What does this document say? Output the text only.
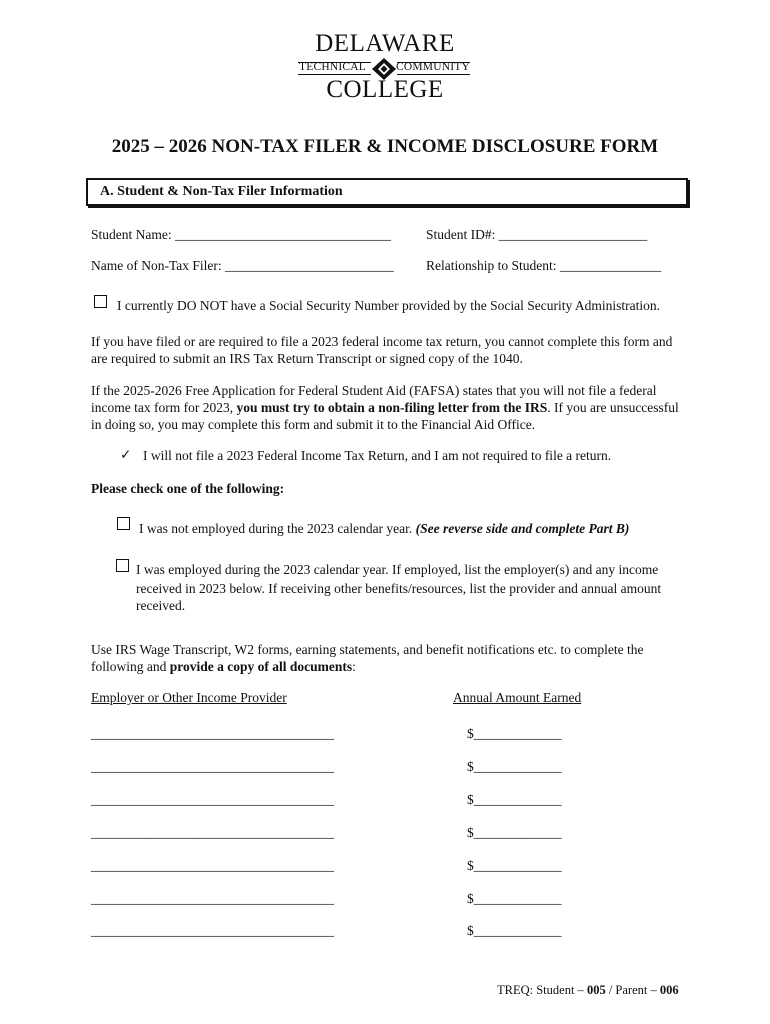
DELAWARE
TECHNICAL	COMMUNITY
COLLEGE
2025 – 2026 NON-TAX FILER & INCOME DISCLOSURE FORM
A. Student & Non-Tax Filer Information
Student Name: ________________________________	Student ID#: ______________________
Name of Non-Tax Filer: _________________________ Relationship to Student: _______________
I currently DO NOT have a Social Security Number provided by the Social Security Administration.
If you have filed or are required to file a 2023 federal income tax return, you cannot complete this form and are required to submit an IRS Tax Return Transcript or signed copy of the 1040.
If the 2025-2026 Free Application for Federal Student Aid (FAFSA) states that you will not file a federal income tax form for 2023, you must try to obtain a non-filing letter from the IRS. If you are unsuccessful in doing so, you may complete this form and submit it to the Financial Aid Office.
✓ I will not file a 2023 Federal Income Tax Return, and I am not required to file a return.
Please check one of the following:
I was not employed during the 2023 calendar year. (See reverse side and complete Part B)
I was employed during the 2023 calendar year. If employed, list the employer(s) and any income
received in 2023 below. If receiving other benefits/resources, list the provider and annual amount
received.
Use IRS Wage Transcript, W2 forms, earning statements, and benefit notifications etc. to complete the following and provide a copy of all documents:
Employer or Other Income Provider	Annual Amount Earned
____________________________________	$_____________
____________________________________	$_____________
____________________________________	$_____________
____________________________________	$_____________
____________________________________	$_____________
____________________________________	$_____________
____________________________________	$_____________
TREQ: Student – 005 / Parent – 006
